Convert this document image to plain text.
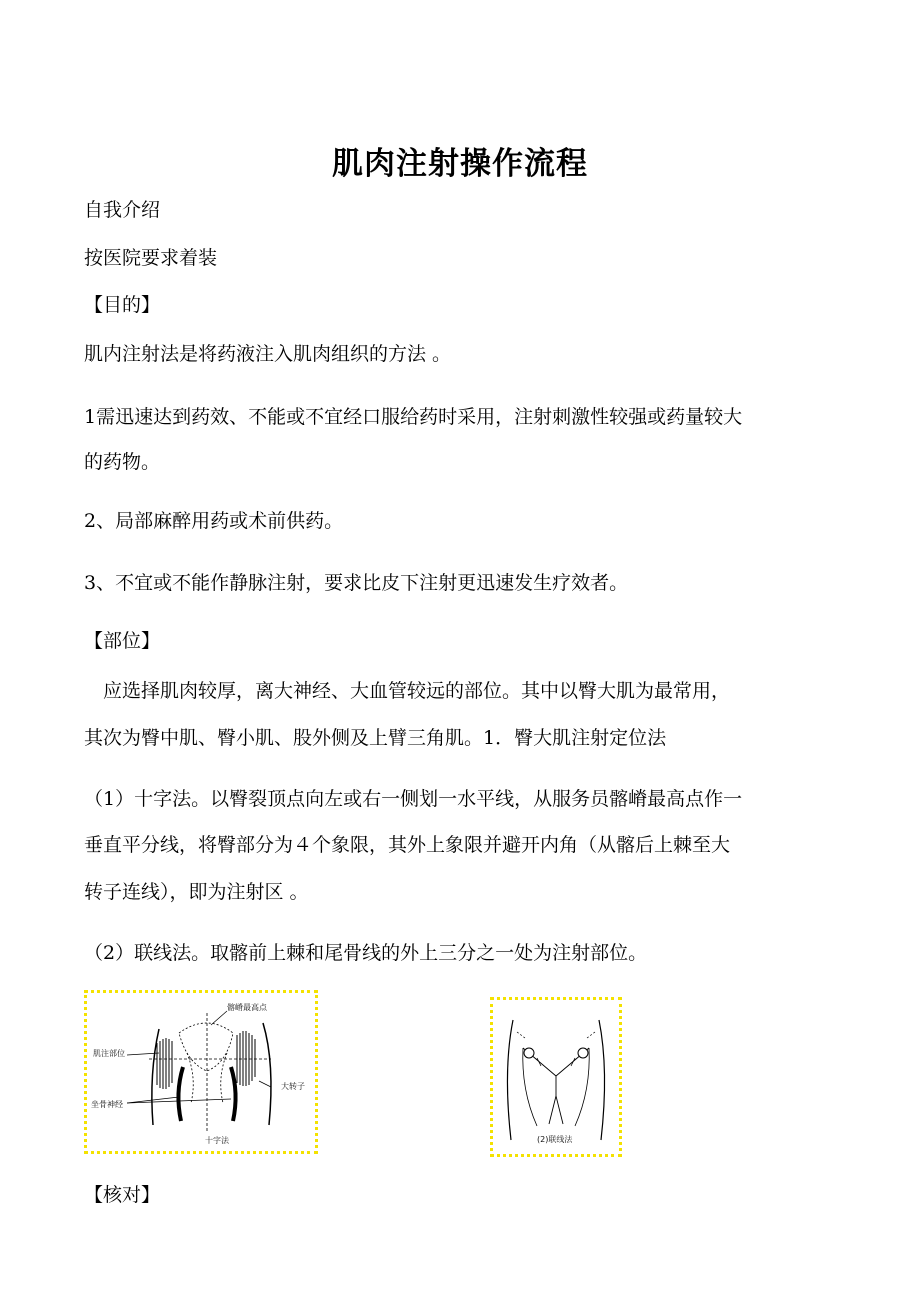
肌肉注射操作流程
自我介绍
按医院要求着装
【目的】
肌内注射法是将药液注入肌肉组织的方法 。
1需迅速达到药效、不能或不宜经口服给药时采用，注射刺激性较强或药量较大
的药物。
2、局部麻醉用药或术前供药。
3、不宜或不能作静脉注射，要求比皮下注射更迅速发生疗效者。
【部位】
　应选择肌肉较厚，离大神经、大血管较远的部位。其中以臀大肌为最常用，
其次为臀中肌、臀小肌、股外侧及上臂三角肌。1．臀大肌注射定位法
（1）十字法。以臀裂顶点向左或右一侧划一水平线，从服务员髂嵴最高点作一
垂直平分线，将臀部分为４个象限，其外上象限并避开内角（从髂后上棘至大
转子连线），即为注射区 。
（2）联线法。取髂前上棘和尾骨线的外上三分之一处为注射部位。
髂嵴最高点
肌注部位
大转子
坐骨神经
十字法	(2)联线法
【核对】
